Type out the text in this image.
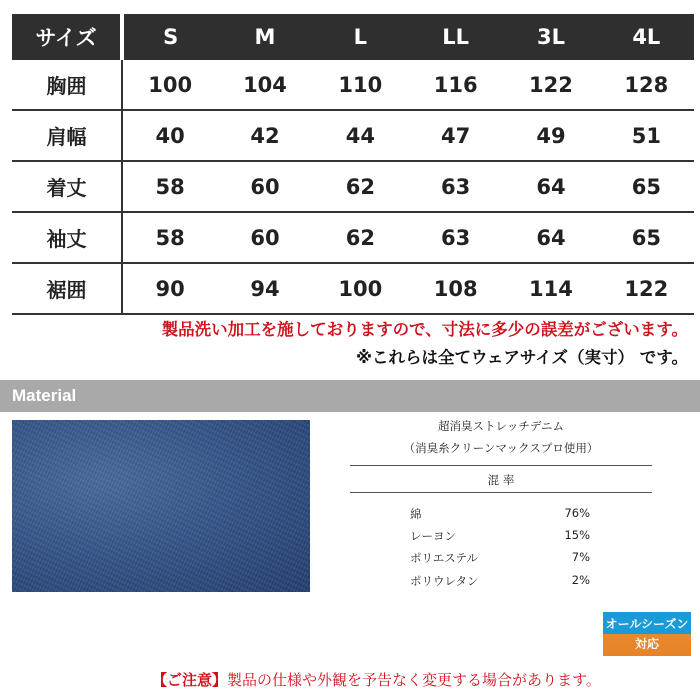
サイズ	S	M	L	LL	3L	4L
胸囲	100	104	110	116	122	128
肩幅	40	42	44	47	49	51
着丈	58	60	62	63	64	65
袖丈	58	60	62	63	64	65
裾囲	90	94	100	108	114	122
製品洗い加工を施しておりますので、寸法に多少の誤差がございます。
※これらは全てウェアサイズ（実寸） です。
Material
超消臭ストレッチデニム
（消臭糸クリーンマックスプロ使用）
混 率
綿	76%
レーヨン	15%
ポリエステル	7%
ポリウレタン	2%
オールシーズン
対応
【ご注意】製品の仕様や外観を予告なく変更する場合があります。
